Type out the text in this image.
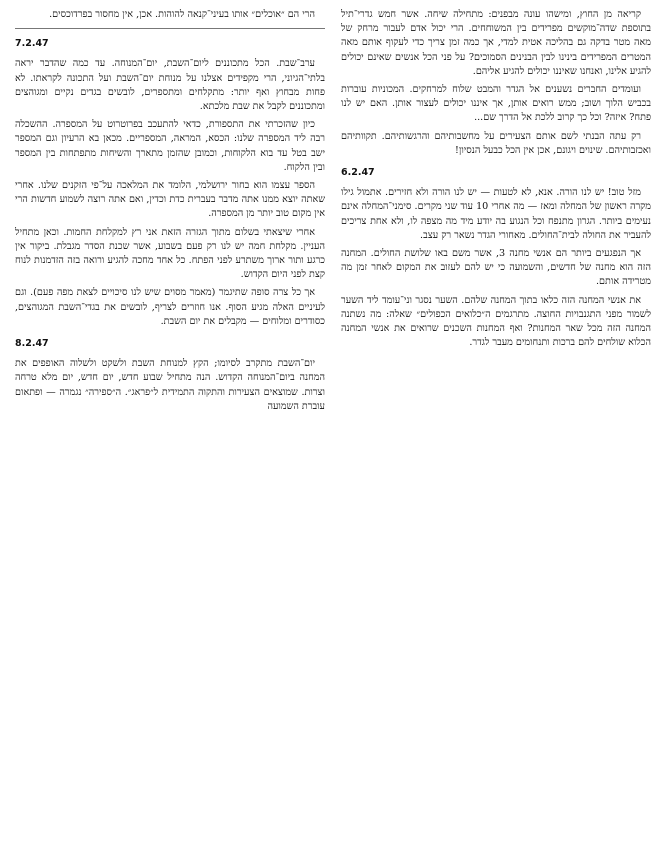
קריאה מן החוץ, ומישהו עונה מבפנים: מתחילה שיחה. אשר חמש גדרי־תיל בתוספת שדה־מוקשים מפרידים בין המשוחחים. הרי יכול אדם לעבור מרחק של מאה מטר בדקה גם בהליכה אטית למדי, אך כמה זמן צריך כדי לעקוף אותם מאה המטרים המפרידים בינינו לבין הבנינים הסמוכים? על פני הכל אנשים שאינם יכולים להגיע אלינו, ואנחנו שאיננו יכולים להגיע אליהם.

ועומדים החברים נשענים אל הגדר והמבט שלוח למרחקים. המכוניות עוברות בכביש הלוך ושוב; ממש רואים אותן, אך איננו יכולים לעצור אותן. האם יש לנו פתח? איזה? וכל כך קרוב ללכת אל הדרך שם...

רק עתה הבנתי לשם אותם הצעירים על מחשבותיהם והרגשותיהם. תקוותיהם ואכזבותיהם. שינוים ויגונם, אכן אין הכל כבעל הנסיון!

6.2.47

מזל טוב! יש לנו הורה. אנא, לא לטעות — יש לנו הורה ולא חזירים. אתמול גילו מקרה ראשון של המחלה ומאז — מה אחרי 10 עוד שני מקרים. סימני־המחלה אינם נעימים ביותר. הגרון מתנפח וכל הנגוע בה יודע מיד מה מצפה לו, ולא אחת צריכים להעביר את החולה לבית־החולים. מאחורי הגדר נשאר רק עצב.

אך הנפגעים ביותר הם אנשי מחנה 3, אשר משם באו שלושת החולים. המחנה הזה הוא מחנה של חדשים, והשמועה כי יש להם לעזוב את המקום לאחר זמן מה מטרידה אותם.

את אנשי המחנה הזה כלאו בתוך המחנה שלהם. השער נסגר וני־עומד ליד השער לשמור מפני התגנבויות החוצה. מתרגמים ה״כלואים הכפולים״ שאלה: מה נשתנה המחנה הזה מכל שאר המחנות? ואף המחנות השכנים שרואים את אנשי המחנה הכלוא שולחים להם ברכות ותנחומים מעבר לגדר.

הרי הם ״אוכלים״ אותו בעיני־קנאה להוהות. אכן, אין מחסור בפרדוכסים.

7.2.47

ערב־שבת. הכל מתכוננים ליום־השבת, יום־המנוחה. עד כמה שהדבר יראה בלתי־הגיוני, הרי מקפידים אצלנו על מנוחת יום־השבת ועל התכונה לקראתו. לא פחות מבחוץ ואף יותר: מתקלחים ומתספרים, לובשים בגדים נקיים ומגוהצים ומתכוננים לקבל את שבת מלכתא.

כיון שהזכרתי את התספורת, כדאי להתעכב בפרוטרוט על המספרה. ההשכלה רבה ליד המספרה שלנו: הכסא, המראה, המספריים. מכאן בא הרעיון וגם המספר ישב בטל עד בוא הלקוחות, וכמובן שהזמן מתארך והשיחות מתפתחות בין המספר ובין הלקוח.

הספר עצמו הוא בחור ירושלמי, הלומד את המלאכה על־פי הזקנים שלנו. אחרי שאתה יוצא ממנו אתה מדבר בעברית כדת וכדין, ואם אתה רוצה לשמוע חדשות הרי אין מקום טוב יותר מן המספרה.

אחרי שיצאתי בשלום מתוך הגזרה הזאת אני רץ למקלחת החמות. וכאן מתחיל העניין. מקלחת חמה יש לנו רק פעם בשבוע, אשר שכנת הסדר מגבלת. ביקור אין כרגע ותור ארוך משתרע לפני הפתח. כל אחד מחכה להגיע ורואה בזה הזדמנות לנוח קצת לפני היום הקדוש.

אך כל צרה סופה שתיגמר (מאמר מסוים שיש לנו סיכויים לצאת מפה פעם). וגם לעיניים האלה מגיע הסוף. אנו חוזרים לצריף, לובשים את בגדי־השבת המגוהצים, כסודרים ומלוחים — מקבלים את יום השבת.

8.2.47

יום־השבת מתקרב לסיומו; הקץ למנוחת השבת ולשקט ולשלוה האופפים את המחנה ביום־המנוחה הקדוש. הנה מתחיל שבוע חדש, יום חדש, יום מלא טרחה וצרות. שמוצאים הצעירות והתקוה התמידית ל״פראג״. ה״ספירה״ נגמרה — ופתאום עוברת השמועה
